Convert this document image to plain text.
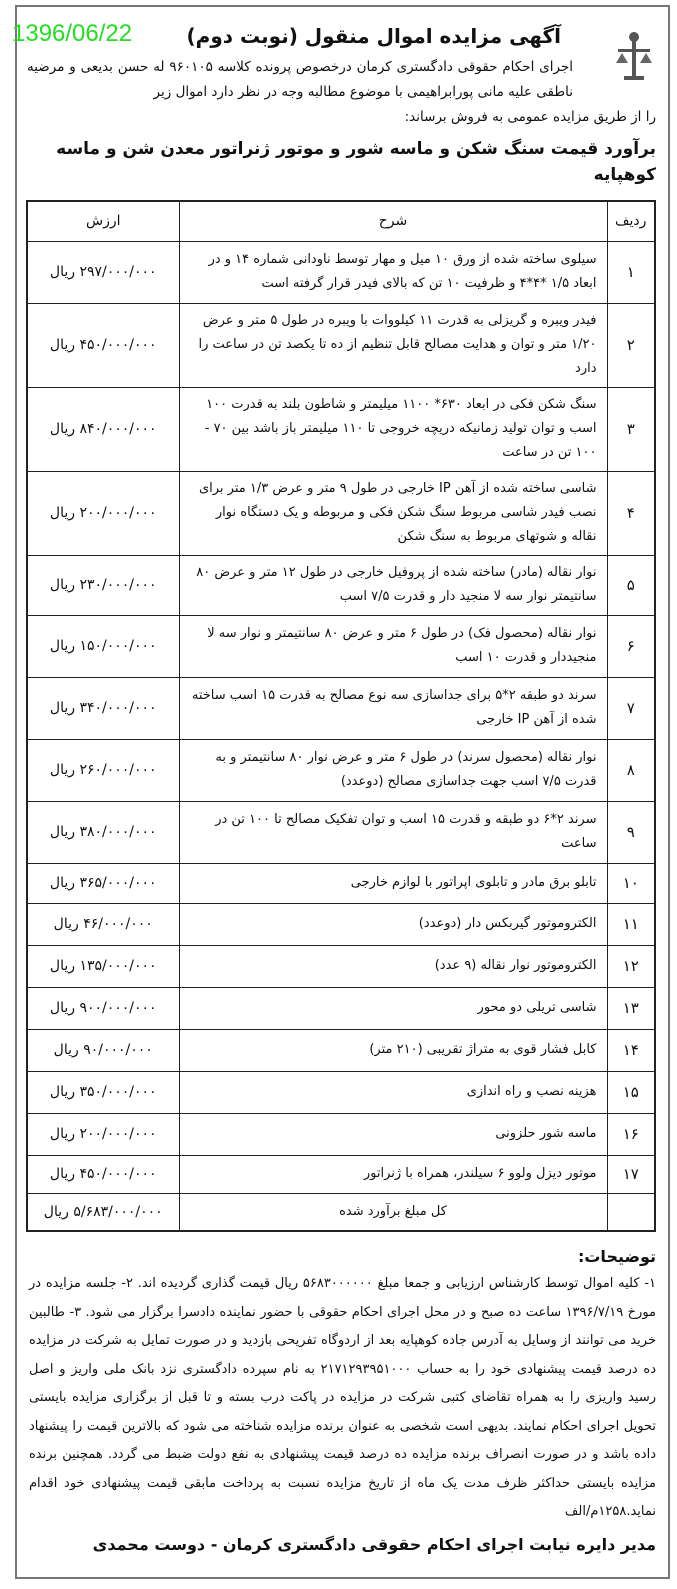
1396/06/22	آگهی مزایده اموال منقول (نوبت دوم)
اجرای احکام حقوقی دادگستری کرمان درخصوص پرونده کلاسه ۹۶۰۱۰۵ له حسن بدیعی و مرضیه ناطقی علیه مانی پورابراهیمی با موضوع مطالبه وجه در نظر دارد اموال زیر
را از طریق مزایده عمومی به فروش برساند:
برآورد قیمت سنگ شکن و ماسه شور و موتور ژنراتور معدن شن و ماسه کوهپایه
ردیف	شرح	ارزش
۱	سیلوی ساخته شده از ورق ۱۰ میل و مهار توسط ناودانی شماره ۱۴ و در ابعاد ۱/۵ *۴*۴ و ظرفیت ۱۰ تن که بالای فیدر قرار گرفته است	۲۹۷/۰۰۰/۰۰۰ ریال
۲	فیدر ویبره و گریزلی به قدرت ۱۱ کیلووات با ویبره در طول ۵ متر و عرض ۱/۲۰ متر و توان و هدایت مصالح قابل تنظیم از ده تا یکصد تن در ساعت را دارد	۴۵۰/۰۰۰/۰۰۰ ریال
۳	سنگ شکن فکی در ابعاد ۶۳۰* ۱۱۰۰ میلیمتر و شاطون بلند به قدرت ۱۰۰ اسب و توان تولید زمانیکه دریچه خروجی تا ۱۱۰ میلیمتر باز باشد بین ۷۰ - ۱۰۰ تن در ساعت	۸۴۰/۰۰۰/۰۰۰ ریال
۴	شاسی ساخته شده از آهن IP خارجی در طول ۹ متر و عرض ۱/۳ متر برای نصب فیدر شاسی مربوط سنگ شکن فکی و مربوطه و یک دستگاه نوار نقاله و شوتهای مربوط به سنگ شکن	۲۰۰/۰۰۰/۰۰۰ ریال
۵	نوار نقاله (مادر) ساخته شده از پروفیل خارجی در طول ۱۲ متر و عرض ۸۰ سانتیمتر نوار سه لا منجید دار و قدرت ۷/۵ اسب	۲۳۰/۰۰۰/۰۰۰ ریال
۶	نوار نقاله (محصول فک) در طول ۶ متر و عرض ۸۰ سانتیمتر و نوار سه لا منجیددار و قدرت ۱۰ اسب	۱۵۰/۰۰۰/۰۰۰ ریال
۷	سرند دو طبقه ۲*۵ برای جداسازی سه نوع مصالح به قدرت ۱۵ اسب ساخته شده از آهن IP خارجی	۳۴۰/۰۰۰/۰۰۰ ریال
۸	نوار نقاله (محصول سرند) در طول ۶ متر و عرض نوار ۸۰ سانتیمتر و به قدرت ۷/۵ اسب جهت جداسازی مصالح (دوعدد)	۲۶۰/۰۰۰/۰۰۰ ریال
۹	سرند ۲*۶ دو طبقه و قدرت ۱۵ اسب و توان تفکیک مصالح تا ۱۰۰ تن در ساعت	۳۸۰/۰۰۰/۰۰۰ ریال
۱۰	تابلو برق مادر و تابلوی اپراتور با لوازم خارجی	۳۶۵/۰۰۰/۰۰۰ ریال
۱۱	الکتروموتور گیربکس دار (دوعدد)	۴۶/۰۰۰/۰۰۰ ریال
۱۲	الکتروموتور نوار نقاله (۹ عدد)	۱۳۵/۰۰۰/۰۰۰ ریال
۱۳	شاسی تریلی دو محور	۹۰۰/۰۰۰/۰۰۰ ریال
۱۴	کابل فشار قوی به متراژ تقریبی (۲۱۰ متر)	۹۰/۰۰۰/۰۰۰ ریال
۱۵	هزینه نصب و راه اندازی	۳۵۰/۰۰۰/۰۰۰ ریال
۱۶	ماسه شور حلزونی	۲۰۰/۰۰۰/۰۰۰ ریال
۱۷	موتور دیزل ولوو ۶ سیلندر، همراه با ژنراتور	۴۵۰/۰۰۰/۰۰۰ ریال
	کل مبلغ برآورد شده	۵/۶۸۳/۰۰۰/۰۰۰ ریال
توضیحات:
۱- کلیه اموال توسط کارشناس ارزیابی و جمعا مبلغ ۵۶۸۳۰۰۰۰۰۰ ریال قیمت گذاری گردیده اند. ۲- جلسه مزایده در مورخ ۱۳۹۶/۷/۱۹ ساعت ده صبح و در محل اجرای احکام حقوقی با حضور نماینده دادسرا برگزار می شود. ۳- طالبین خرید می توانند از وسایل به آدرس جاده کوهپایه بعد از اردوگاه تفریحی بازدید و در صورت تمایل به شرکت در مزایده ده درصد قیمت پیشنهادی خود را به حساب ۲۱۷۱۲۹۳۹۵۱۰۰۰ به نام سپرده دادگستری نزد بانک ملی واریز و اصل رسید واریزی را به همراه تقاضای کتبی شرکت در مزایده در پاکت درب بسته و تا قبل از برگزاری مزایده بایستی تحویل اجرای احکام نمایند. بدیهی است شخصی به عنوان برنده مزایده شناخته می شود که بالاترین قیمت را پیشنهاد داده باشد و در صورت انصراف برنده مزایده ده درصد قیمت پیشنهادی به نفع دولت ضبط می گردد. همچنین برنده مزایده بایستی حداکثر ظرف مدت یک ماه از تاریخ مزایده نسبت به پرداخت مابقی قیمت پیشنهادی خود اقدام نماید.۱۲۵۸م/الف
مدیر دایره نیابت اجرای احکام حقوقی دادگستری کرمان - دوست محمدی
